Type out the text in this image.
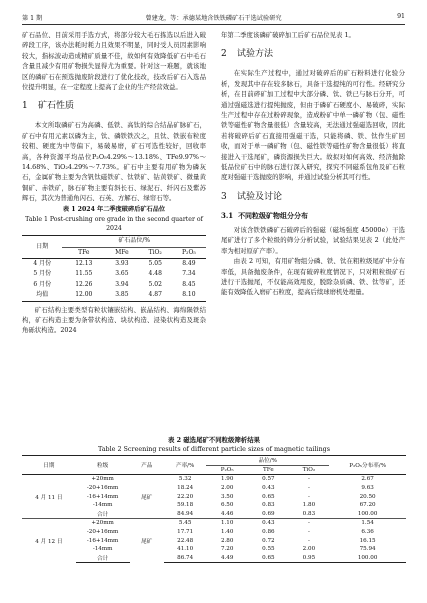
第 1 期	曾建龙，等：承德某地含铁铁磷矿石干选试验研究	91

矿石品位、目前采用手选方式，将部分较大毛石拣选以后进入破碎段工序，该办法耗时耗力且效果不明显，同时受人员因素影响较大，指标波动造成精矿质量不佳，故如何有效降低矿石中毛石含量且减少有用矿物损失显得尤为重要。针对这一难题，就该地区的磷矿石在预选抛废阶段进行了优化技改，技改后矿石入选品位提升明显，在一定程度上提高了企业的生产经营效益。

1 矿石性质

本文所取磷矿石为高磷、低铁、高钛的综合结晶矿脉矿石，矿石中有用元素以磷为主，钛、磷铁铁次之，且钛、铁嵌布粒度较粗、硬度为中等偏下，易破易磨，矿石可选性较好，回收率高，各种资源平均品位P₂O₅4.29%～13.18%、TFe9.97%～14.68%、TiO₂4.29%～7.73%。矿石中主要有用矿物为磷灰石，金属矿物主要为含钒钛磁铁矿、钛铁矿、钴黄铁矿、微量黄铜矿、赤铁矿，脉石矿物主要有斜长石、绿泥石、纤闪石及紫苏辉石，其次为普通角闪石、石英、方解石、绿帘石等。

表 1 2024 年二季度破碎后矿石品位
Table 1 Post-crushing ore grade in the second quarter of 2024
日期	矿石品位/%			
	TFe	MFe	TiO₂	P₂O₅
4 月份	12.13	3.93	5.05	8.49
5 月份	11.55	3.65	4.48	7.34
6 月份	12.26	3.94	5.02	8.45
均值	12.00	3.85	4.87	8.10

矿石结构主要类型有粒状镶嵌结构、嵌晶结构、海绵陨铁结构，矿石构造主要为条带状构造、块状构造、浸染状构造及斑杂角砾状构造。2024

年第二季度该磷矿破碎加工后矿石品位见表 1。

2 试验方法

在实际生产过程中，通过对破碎后的矿石粉料进行化验分析，发现其中存在较多脉石，具备干选提纯的可行性。经研究分析，在目前碎矿加工过程中大部分磷、钛、铁已与脉石分开，可通过强磁选进行提纯抛废，但由于磷矿石硬度小、易破碎，实际生产过程中存在过粉碎现象，造成粉矿中单一磷矿物（包、磁性铁等磁性矿物含量很低）含量较高，无法通过强磁选回收，因此若将破碎后矿石直接用强磁干选，只能将磷、铁、钛作生矿回收，而对于单一磷矿物（包、磁性铁等磁性矿物含量很低）将直接进入干选尾矿，磷资源损失巨大。故拟对如何高效、经济抛除低品位矿石中的脉石进行深入研究，探究不同磁系包角及矿石粒度对强磁干选抛废的影响，并通过试验分析其可行性。

3 试验及讨论
3.1 不同粒级矿物组分分布

对该含铁铁磷矿石破碎后的强磁（磁场强度 45000e）干选尾矿进行了多个粒级的筛分分析试验，试验结果见表 2（此处产率为相对原矿产率）。

由表 2 可知，有用矿物组分磷、铁、钛在粗粒级尾矿中分布率低，具备抛废条件，在现有破碎粒度情况下，只对粗粒级矿石进行干选抛尾，不仅能高效甩废，脱除杂质磷、铁、钛等矿，还能有效降低入磨矿石粒度，提高后续球磨机处理量。

表 2 磁选尾矿不同粒级筛析结果
Table 2 Screening results of different particle sizes of magnetic tailings
日期	粒级	产品	产率/%	品位/%			P₂O₅分布率/%
				P₂O₅	TFe	TiO₂	
4 月 11 日	+20mm	尾矿	5.32	1.90	0.57	-	2.67
	-20+16mm		18.24	2.00	0.43	-	9.63
	-16+14mm		22.20	3.50	0.65	-	20.50
	-14mm		59.18	6.50	0.83	1.80	67.20
	合计		84.94	4.46	0.69	0.83	100.00
4 月 12 日	+20mm	尾矿	5.45	1.10	0.43	-	1.54
	-20+16mm		17.71	1.40	0.86	-	6.36
	-16+14mm		22.48	2.80	0.72	-	16.15
	-14mm		41.10	7.20	0.55	2.00	75.94
	合计		86.74	4.49	0.65	0.95	100.00
